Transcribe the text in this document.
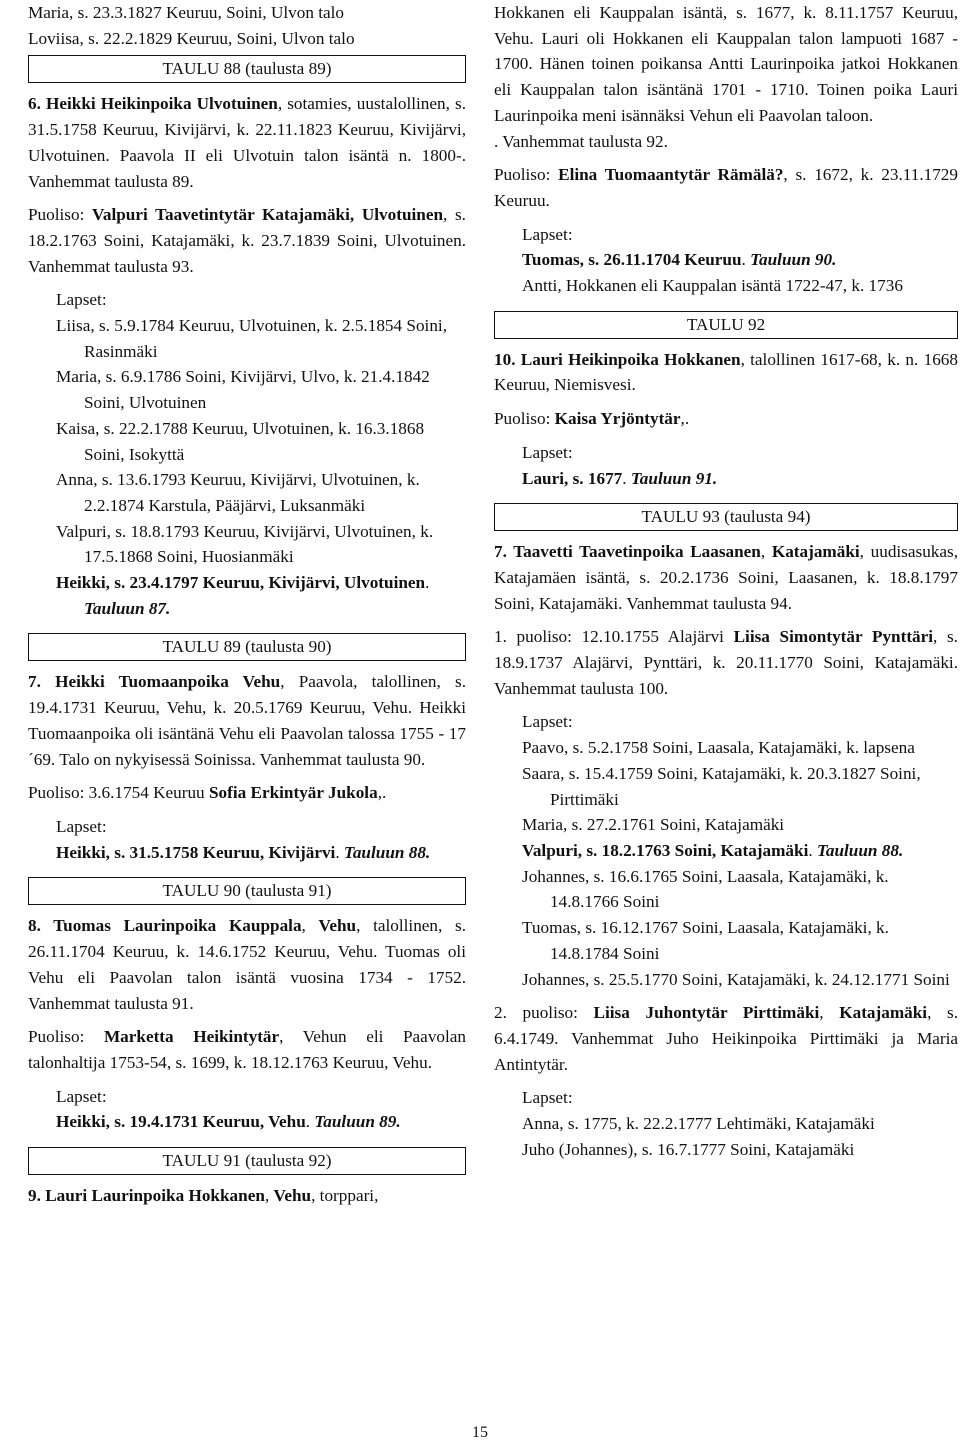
Maria, s. 23.3.1827 Keuruu, Soini, Ulvon talo
Loviisa, s. 22.2.1829 Keuruu, Soini, Ulvon talo
TAULU 88 (taulusta 89)
6. Heikki Heikinpoika Ulvotuinen, sotamies, uustalollinen, s. 31.5.1758 Keuruu, Kivijärvi, k. 22.11.1823 Keuruu, Kivijärvi, Ulvotuinen. Paavola II eli Ulvotuin talon isäntä n. 1800-. Vanhemmat taulusta 89.
Puoliso: Valpuri Taavetintytär Katajamäki, Ulvotuinen, s. 18.2.1763 Soini, Katajamäki, k. 23.7.1839 Soini, Ulvotuinen. Vanhemmat taulusta 93.
Lapset:
Liisa, s. 5.9.1784 Keuruu, Ulvotuinen, k. 2.5.1854 Soini, Rasinmäki
Maria, s. 6.9.1786 Soini, Kivijärvi, Ulvo, k. 21.4.1842 Soini, Ulvotuinen
Kaisa, s. 22.2.1788 Keuruu, Ulvotuinen, k. 16.3.1868 Soini, Isokyttä
Anna, s. 13.6.1793 Keuruu, Kivijärvi, Ulvotuinen, k. 2.2.1874 Karstula, Pääjärvi, Luksanmäki
Valpuri, s. 18.8.1793 Keuruu, Kivijärvi, Ulvotuinen, k. 17.5.1868 Soini, Huosianmäki
Heikki, s. 23.4.1797 Keuruu, Kivijärvi, Ulvotuinen. Tauluun 87.
TAULU 89 (taulusta 90)
7. Heikki Tuomaanpoika Vehu, Paavola, talollinen, s. 19.4.1731 Keuruu, Vehu, k. 20.5.1769 Keuruu, Vehu. Heikki Tuomaanpoika oli isäntänä Vehu eli Paavolan talossa 1755 - 17´69. Talo on nykyisessä Soinissa. Vanhemmat taulusta 90.
Puoliso: 3.6.1754 Keuruu Sofia Erkintyär Jukola,.
Lapset:
Heikki, s. 31.5.1758 Keuruu, Kivijärvi. Tauluun 88.
TAULU 90 (taulusta 91)
8. Tuomas Laurinpoika Kauppala, Vehu, talollinen, s. 26.11.1704 Keuruu, k. 14.6.1752 Keuruu, Vehu. Tuomas oli Vehu eli Paavolan talon isäntä vuosina 1734 - 1752. Vanhemmat taulusta 91.
Puoliso: Marketta Heikintytär, Vehun eli Paavolan talonhaltija 1753-54, s. 1699, k. 18.12.1763 Keuruu, Vehu.
Lapset:
Heikki, s. 19.4.1731 Keuruu, Vehu. Tauluun 89.
TAULU 91 (taulusta 92)
9. Lauri Laurinpoika Hokkanen, Vehu, torppari,
Hokkanen eli Kauppalan isäntä, s. 1677, k. 8.11.1757 Keuruu, Vehu. Lauri oli Hokkanen eli Kauppalan talon lampuoti 1687 - 1700. Hänen toinen poikansa Antti Laurinpoika jatkoi Hokkanen eli Kauppalan talon isäntänä 1701 - 1710. Toinen poika Lauri Laurinpoika meni isännäksi Vehun eli Paavolan taloon.
. Vanhemmat taulusta 92.
Puoliso: Elina Tuomaantytär Rämälä?, s. 1672, k. 23.11.1729 Keuruu.
Lapset:
Tuomas, s. 26.11.1704 Keuruu. Tauluun 90.
Antti, Hokkanen eli Kauppalan isäntä 1722-47, k. 1736
TAULU 92
10. Lauri Heikinpoika Hokkanen, talollinen 1617-68, k. n. 1668 Keuruu, Niemisvesi.
Puoliso: Kaisa Yrjöntytär,.
Lapset:
Lauri, s. 1677. Tauluun 91.
TAULU 93 (taulusta 94)
7. Taavetti Taavetinpoika Laasanen, Katajamäki, uudisasukas, Katajamäen isäntä, s. 20.2.1736 Soini, Laasanen, k. 18.8.1797 Soini, Katajamäki. Vanhemmat taulusta 94.
1. puoliso: 12.10.1755 Alajärvi Liisa Simontytär Pynttäri, s. 18.9.1737 Alajärvi, Pynttäri, k. 20.11.1770 Soini, Katajamäki. Vanhemmat taulusta 100.
Lapset:
Paavo, s. 5.2.1758 Soini, Laasala, Katajamäki, k. lapsena
Saara, s. 15.4.1759 Soini, Katajamäki, k. 20.3.1827 Soini, Pirttimäki
Maria, s. 27.2.1761 Soini, Katajamäki
Valpuri, s. 18.2.1763 Soini, Katajamäki. Tauluun 88.
Johannes, s. 16.6.1765 Soini, Laasala, Katajamäki, k. 14.8.1766 Soini
Tuomas, s. 16.12.1767 Soini, Laasala, Katajamäki, k. 14.8.1784 Soini
Johannes, s. 25.5.1770 Soini, Katajamäki, k. 24.12.1771 Soini
2. puoliso: Liisa Juhontytär Pirttimäki, Katajamäki, s. 6.4.1749. Vanhemmat Juho Heikinpoika Pirttimäki ja Maria Antintytär.
Lapset:
Anna, s. 1775, k. 22.2.1777 Lehtimäki, Katajamäki
Juho (Johannes), s. 16.7.1777 Soini, Katajamäki
15
